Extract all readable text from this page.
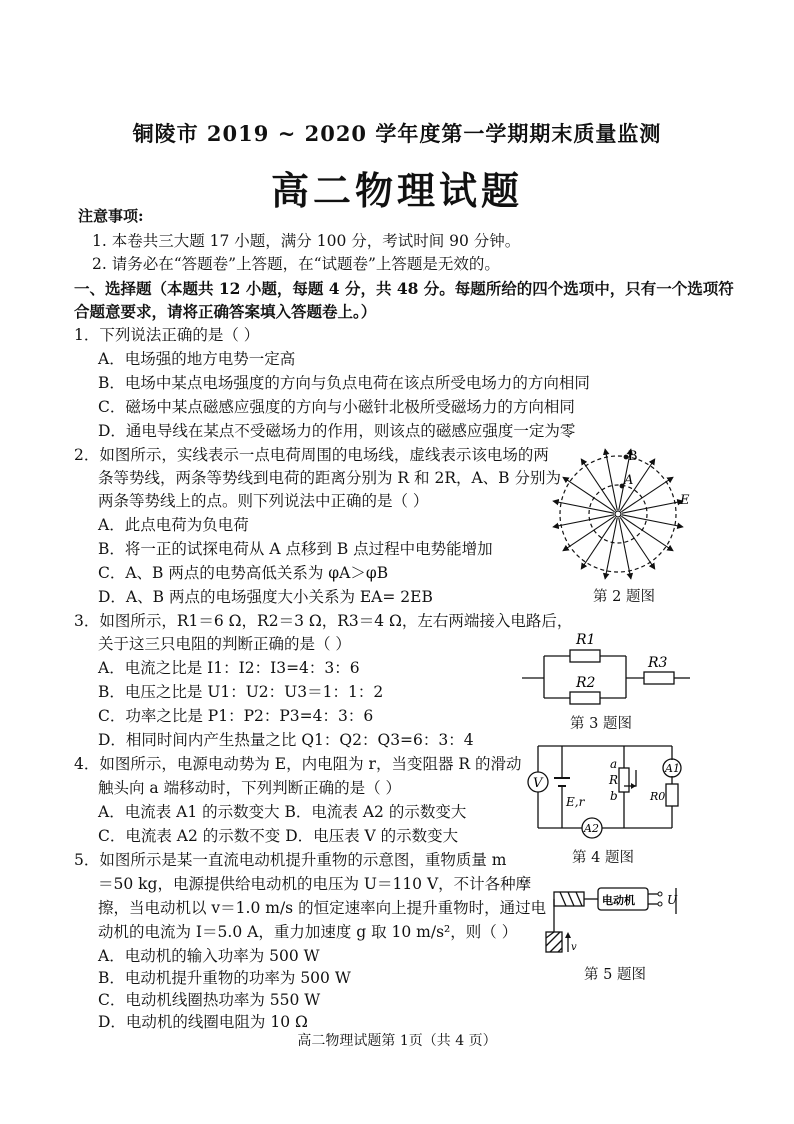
铜陵市 2019 ~ 2020 学年度第一学期期末质量监测
高二物理试题
注意事项:
1. 本卷共三大题 17 小题，满分 100 分，考试时间 90 分钟。
2. 请务必在“答题卷”上答题，在“试题卷”上答题是无效的。
一、选择题（本题共 12 小题，每题 4 分，共 48 分。每题所给的四个选项中，只有一个选项符
合题意要求，请将正确答案填入答题卷上。）
1．下列说法正确的是（ ）
A．电场强的地方电势一定高
B．电场中某点电场强度的方向与负点电荷在该点所受电场力的方向相同
C．磁场中某点磁感应强度的方向与小磁针北极所受磁场力的方向相同
D．通电导线在某点不受磁场力的作用，则该点的磁感应强度一定为零
2．如图所示，实线表示一点电荷周围的电场线，虚线表示该电场的两
条等势线，两条等势线到电荷的距离分别为 R 和 2R，A、B 分别为
两条等势线上的点。则下列说法中正确的是（ ）
A．此点电荷为负电荷
B．将一正的试探电荷从 A 点移到 B 点过程中电势能增加
C．A、B 两点的电势高低关系为 φA＞φB
D．A、B 两点的电场强度大小关系为 EA= 2EB
B
A
E
第 2 题图
3．如图所示，R1＝6 Ω，R2＝3 Ω，R3＝4 Ω，左右两端接入电路后，
关于这三只电阻的判断正确的是（ ）
A．电流之比是 I1：I2：I3=4：3：6
B．电压之比是 U1：U2：U3＝1：1：2
C．功率之比是 P1：P2：P3=4：3：6
D．相同时间内产生热量之比 Q1：Q2：Q3=6：3：4
R1
R2
R3
第 3 题图
4．如图所示，电源电动势为 E，内电阻为 r，当变阻器 R 的滑动
触头向 a 端移动时，下列判断正确的是（ ）
A．电流表 A1 的示数变大 B．电流表 A2 的示数变大
C．电流表 A2 的示数不变 D．电压表 V 的示数变大
V
A1
A2
a
R
b
E,r	R0
第 4 题图
5．如图所示是某一直流电动机提升重物的示意图，重物质量 m
＝50 kg，电源提供给电动机的电压为 U＝110 V，不计各种摩
擦，当电动机以 v＝1.0 m/s 的恒定速率向上提升重物时，通过电
动机的电流为 I＝5.0 A，重力加速度 g 取 10 m/s²，则（ ）
A．电动机的输入功率为 500 W
B．电动机提升重物的功率为 500 W
C．电动机线圈热功率为 550 W
D．电动机的线圈电阻为 10 Ω
电动机	U
v
第 5 题图
高二物理试题第 1页（共 4 页）
